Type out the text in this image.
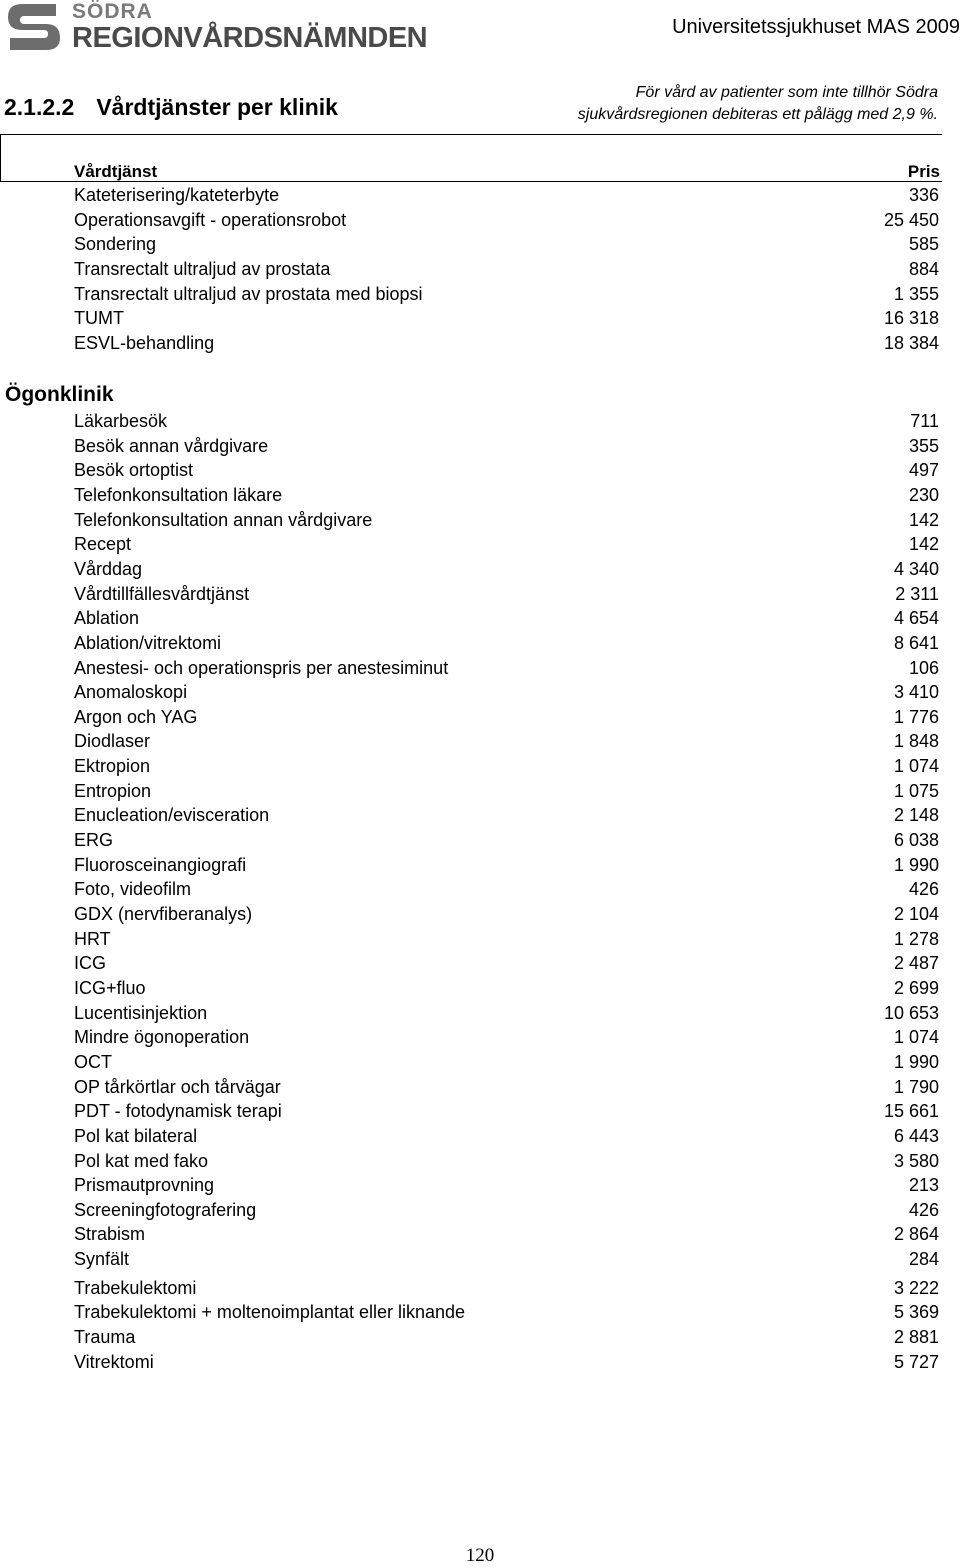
SÖDRA
REGIONVÅRDSNÄMNDEN	Universitetssjukhuset MAS 2009
2.1.2.2 Vårdtjänster per klinik
För vård av patienter som inte tillhör Södra
sjukvårdsregionen debiteras ett pålägg med 2,9 %.
Vårdtjänst	Pris
Ögonklinik
Kateterisering/kateterbyte	336
Operationsavgift - operationsrobot	25 450
Sondering	585
Transrectalt ultraljud av prostata	884
Transrectalt ultraljud av prostata med biopsi	1 355
TUMT	16 318
ESVL-behandling	18 384
Läkarbesök	711
Besök annan vårdgivare	355
Besök ortoptist	497
Telefonkonsultation läkare	230
Telefonkonsultation annan vårdgivare	142
Recept	142
Vårddag	4 340
Vårdtillfällesvårdtjänst	2 311
Ablation	4 654
Ablation/vitrektomi	8 641
Anestesi- och operationspris per anestesiminut	106
Anomaloskopi	3 410
Argon och YAG	1 776
Diodlaser	1 848
Ektropion	1 074
Entropion	1 075
Enucleation/evisceration	2 148
ERG	6 038
Fluorosceinangiografi	1 990
Foto, videofilm	426
GDX (nervfiberanalys)	2 104
HRT	1 278
ICG	2 487
ICG+fluo	2 699
Lucentisinjektion	10 653
Mindre ögonoperation	1 074
OCT	1 990
OP tårkörtlar och tårvägar	1 790
PDT - fotodynamisk terapi	15 661
Pol kat bilateral	6 443
Pol kat med fako	3 580
Prismautprovning	213
Screeningfotografering	426
Strabism	2 864
Synfält	284
Trabekulektomi	3 222
Trabekulektomi + moltenoimplantat eller liknande	5 369
Trauma	2 881
Vitrektomi	5 727
120
